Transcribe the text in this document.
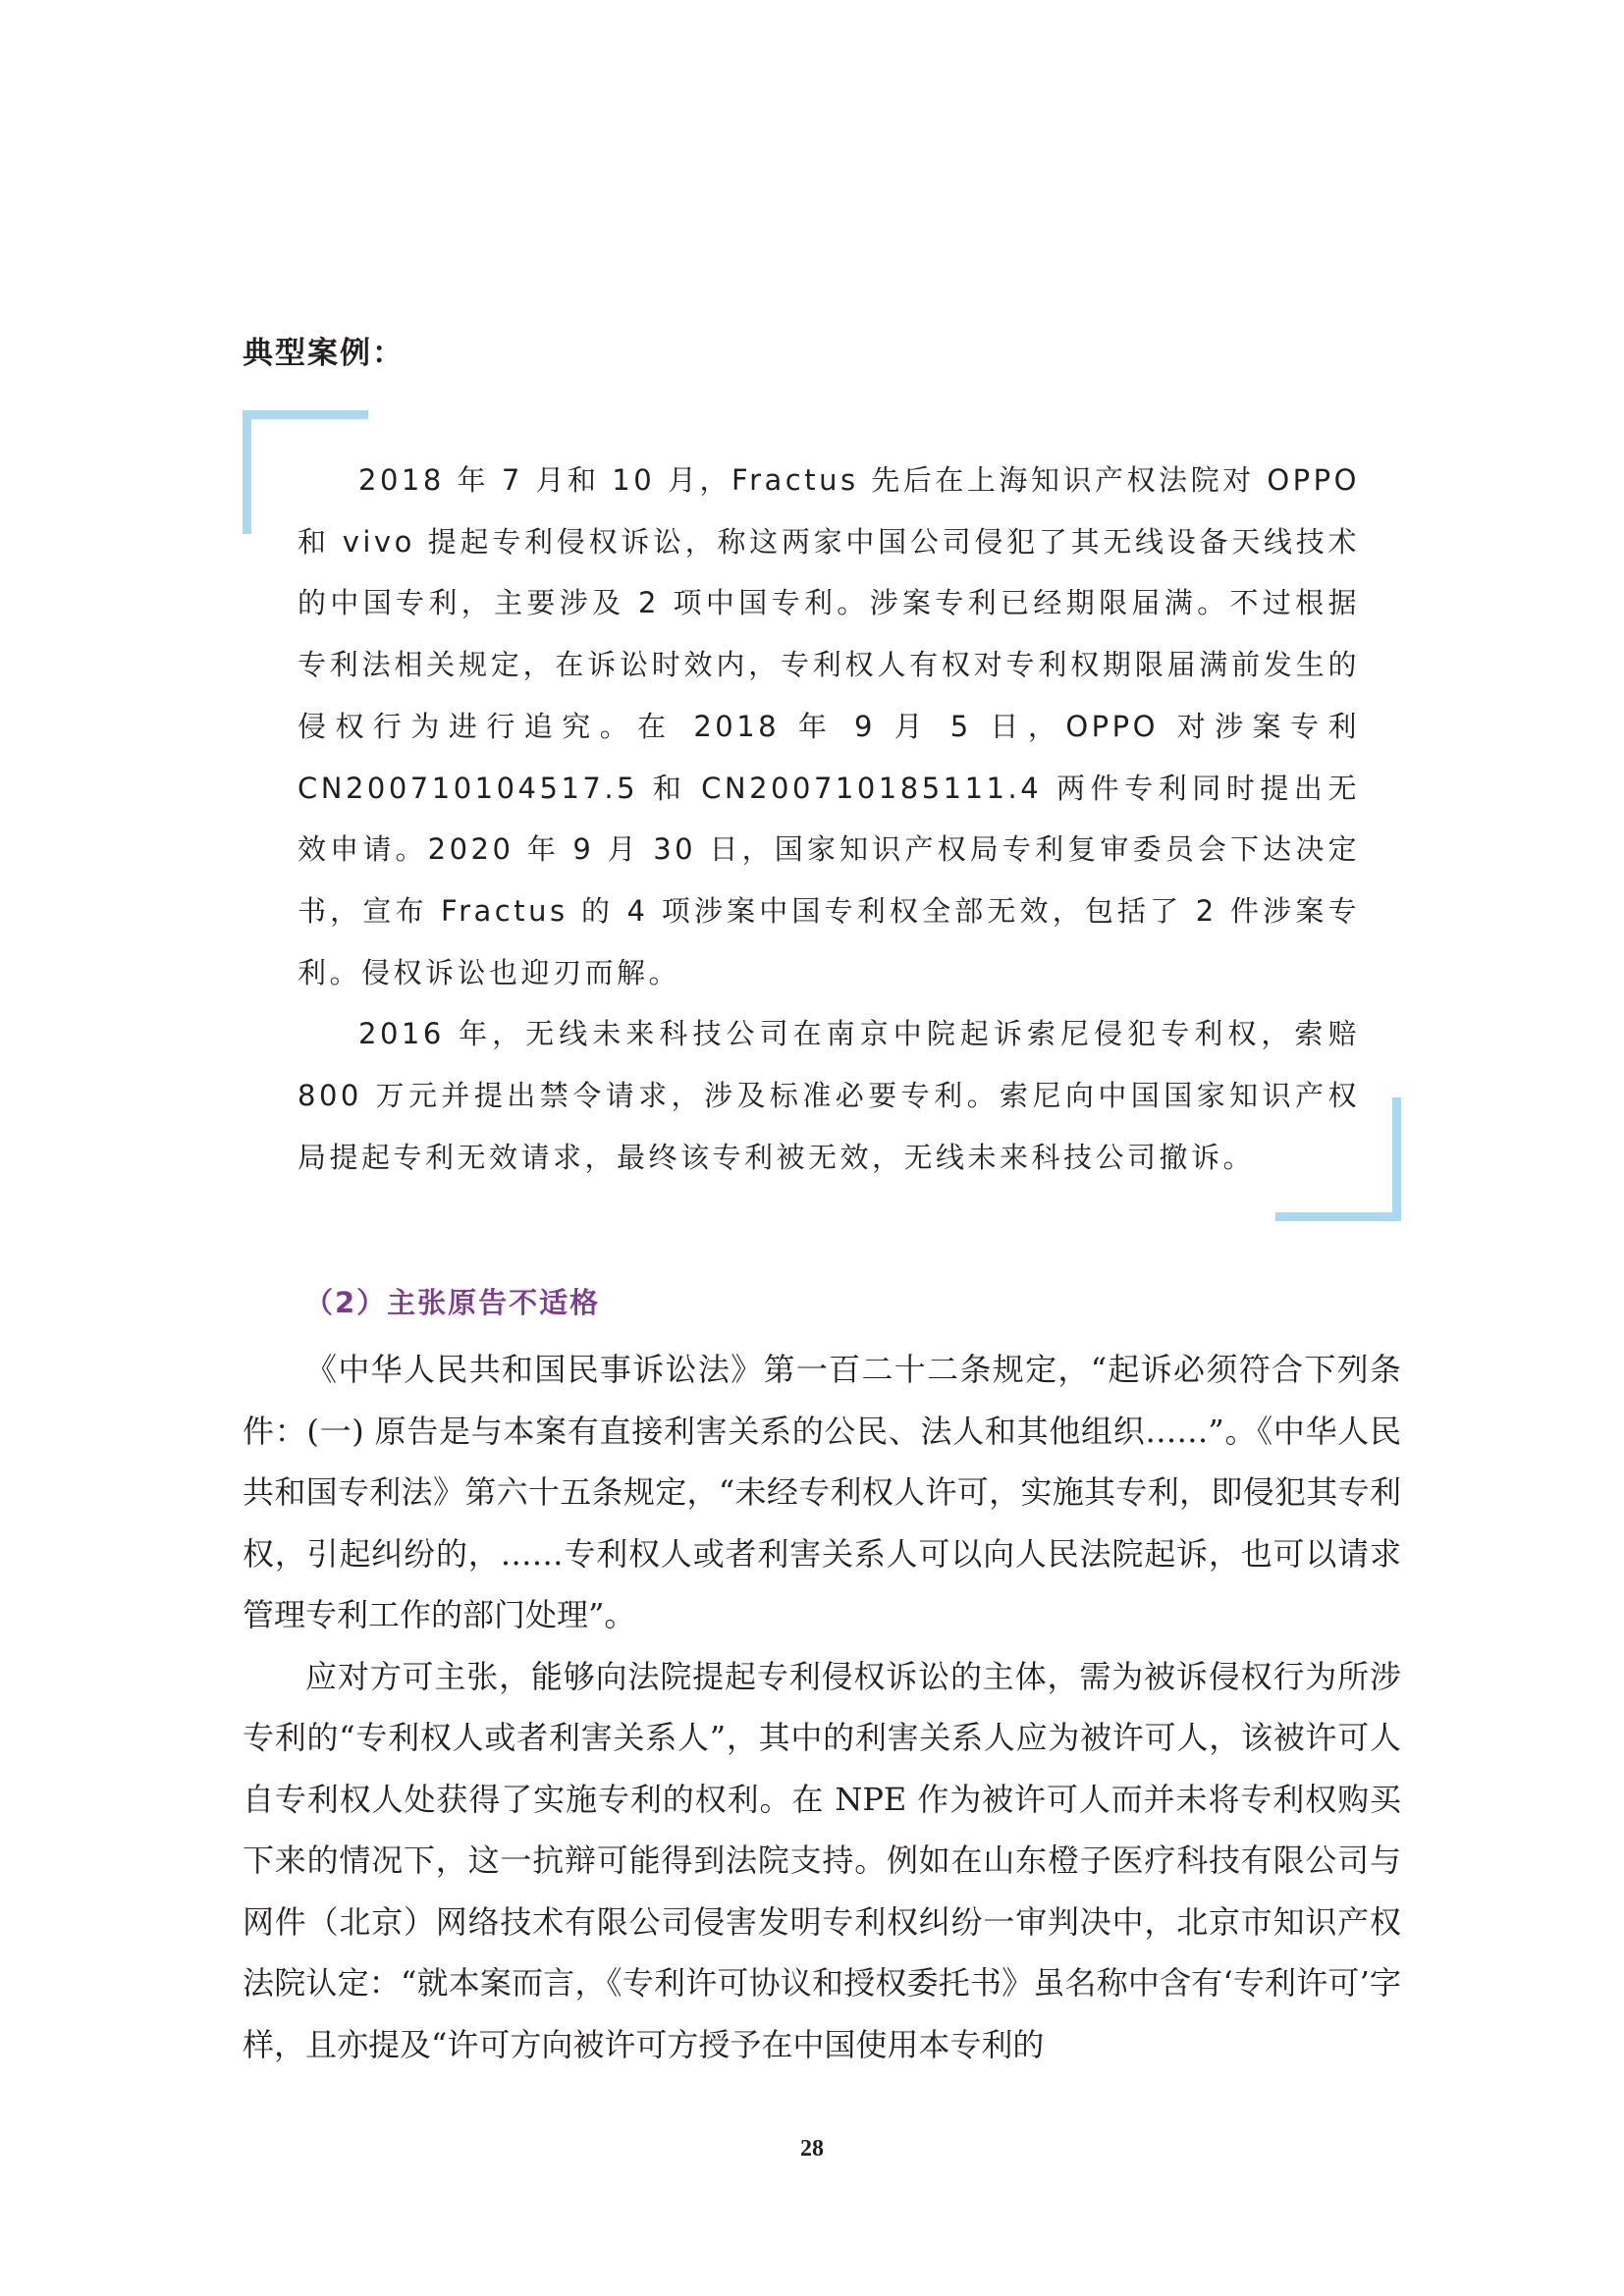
典型案例：

2018 年 7 月和 10 月，Fractus 先后在上海知识产权法院对 OPPO 和 vivo 提起专利侵权诉讼，称这两家中国公司侵犯了其无线设备天线技术的中国专利，主要涉及 2 项中国专利。涉案专利已经期限届满。不过根据专利法相关规定，在诉讼时效内，专利权人有权对专利权期限届满前发生的侵权行为进行追究。在 2018 年 9 月 5 日，OPPO 对涉案专利 CN200710104517.5 和 CN200710185111.4 两件专利同时提出无效申请。2020 年 9 月 30 日，国家知识产权局专利复审委员会下达决定书，宣布 Fractus 的 4 项涉案中国专利权全部无效，包括了 2 件涉案专利。侵权诉讼也迎刃而解。

2016 年，无线未来科技公司在南京中院起诉索尼侵犯专利权，索赔 800 万元并提出禁令请求，涉及标准必要专利。索尼向中国国家知识产权局提起专利无效请求，最终该专利被无效，无线未来科技公司撤诉。

（2）主张原告不适格

《中华人民共和国民事诉讼法》第一百二十二条规定，“起诉必须符合下列条件：(一) 原告是与本案有直接利害关系的公民、法人和其他组织……”。《中华人民共和国专利法》第六十五条规定，“未经专利权人许可，实施其专利，即侵犯其专利权，引起纠纷的，……专利权人或者利害关系人可以向人民法院起诉，也可以请求管理专利工作的部门处理”。

应对方可主张，能够向法院提起专利侵权诉讼的主体，需为被诉侵权行为所涉专利的“专利权人或者利害关系人”，其中的利害关系人应为被许可人，该被许可人自专利权人处获得了实施专利的权利。在 NPE 作为被许可人而并未将专利权购买下来的情况下，这一抗辩可能得到法院支持。例如在山东橙子医疗科技有限公司与网件（北京）网络技术有限公司侵害发明专利权纠纷一审判决中，北京市知识产权法院认定：“就本案而言，《专利许可协议和授权委托书》虽名称中含有‘专利许可’字样，且亦提及“许可方向被许可方授予在中国使用本专利的

28
